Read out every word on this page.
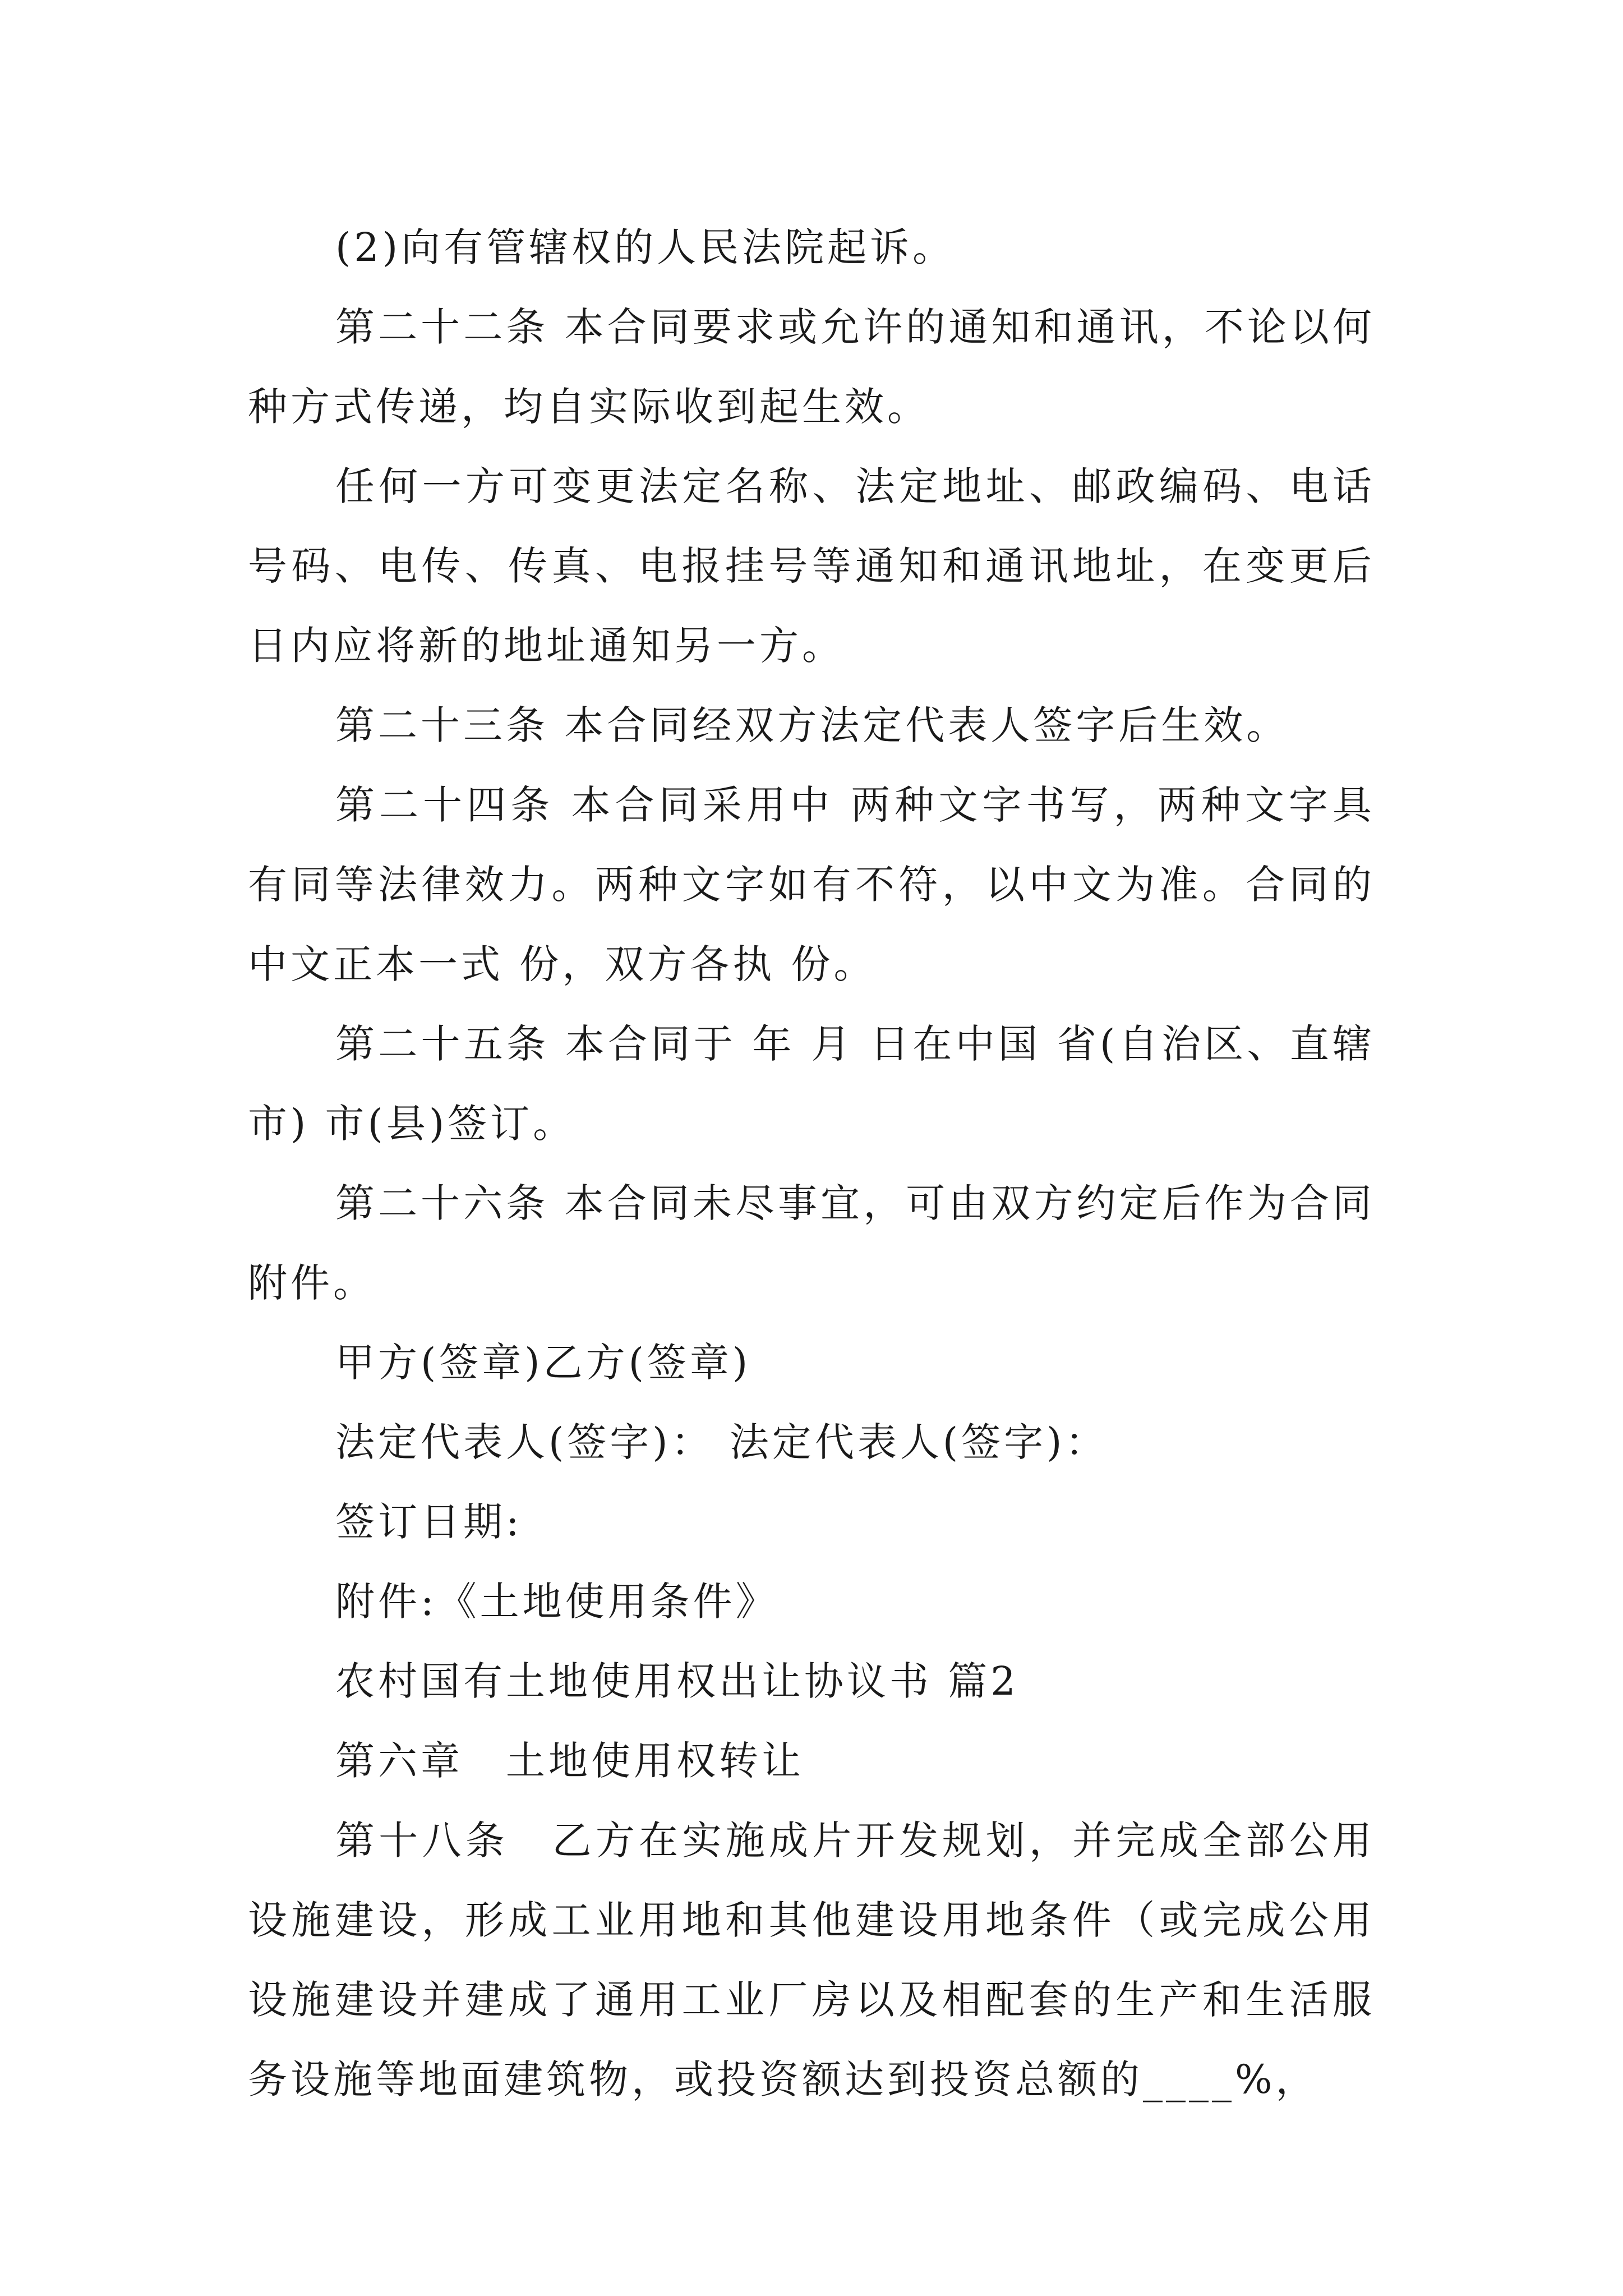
(2)向有管辖权的人民法院起诉。

第二十二条 本合同要求或允许的通知和通讯，不论以何种方式传递，均自实际收到起生效。

任何一方可变更法定名称、法定地址、邮政编码、电话号码、电传、传真、电报挂号等通知和通讯地址，在变更后日内应将新的地址通知另一方。

第二十三条 本合同经双方法定代表人签字后生效。

第二十四条 本合同采用中 两种文字书写，两种文字具有同等法律效力。两种文字如有不符，以中文为准。合同的中文正本一式 份，双方各执 份。

第二十五条 本合同于 年 月 日在中国 省(自治区、直辖市) 市(县)签订。

第二十六条 本合同未尽事宜，可由双方约定后作为合同附件。

甲方(签章)乙方(签章)

法定代表人(签字)： 法定代表人(签字)：

签订日期:

附件:《土地使用条件》

农村国有土地使用权出让协议书 篇2

第六章　土地使用权转让

第十八条　乙方在实施成片开发规划，并完成全部公用设施建设，形成工业用地和其他建设用地条件（或完成公用设施建设并建成了通用工业厂房以及相配套的生产和生活服务设施等地面建筑物，或投资额达到投资总额的____%，
